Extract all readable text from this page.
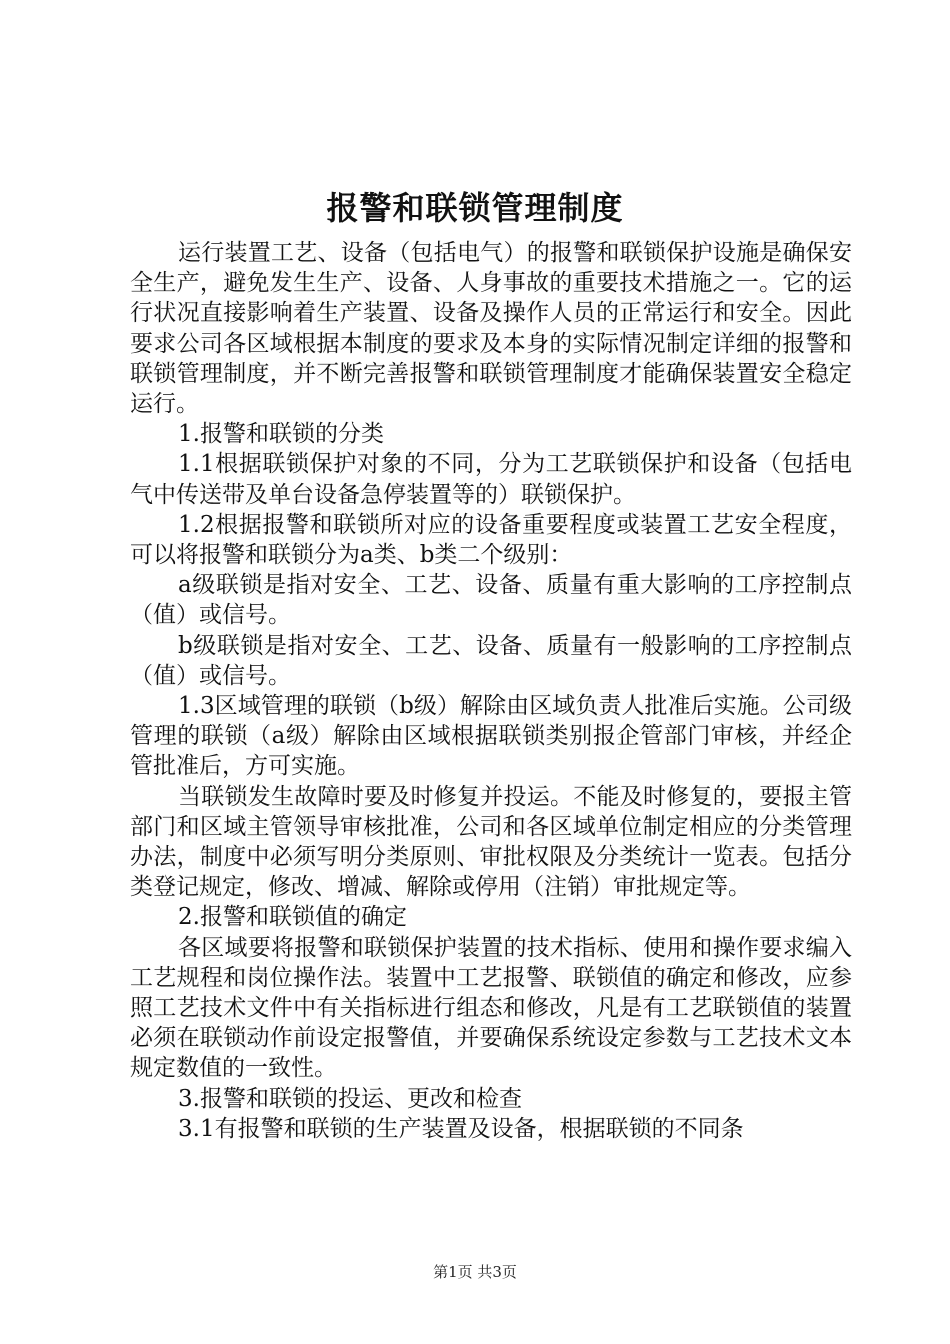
报警和联锁管理制度

运行装置工艺、设备（包括电气）的报警和联锁保护设施是确保安全生产，避免发生生产、设备、人身事故的重要技术措施之一。它的运行状况直接影响着生产装置、设备及操作人员的正常运行和安全。因此要求公司各区域根据本制度的要求及本身的实际情况制定详细的报警和联锁管理制度，并不断完善报警和联锁管理制度才能确保装置安全稳定运行。

1.报警和联锁的分类

1.1根据联锁保护对象的不同，分为工艺联锁保护和设备（包括电气中传送带及单台设备急停装置等的）联锁保护。

1.2根据报警和联锁所对应的设备重要程度或装置工艺安全程度，可以将报警和联锁分为a类、b类二个级别：

a级联锁是指对安全、工艺、设备、质量有重大影响的工序控制点（值）或信号。

b级联锁是指对安全、工艺、设备、质量有一般影响的工序控制点（值）或信号。

1.3区域管理的联锁（b级）解除由区域负责人批准后实施。公司级管理的联锁（a级）解除由区域根据联锁类别报企管部门审核，并经企管批准后，方可实施。

当联锁发生故障时要及时修复并投运。不能及时修复的，要报主管部门和区域主管领导审核批准，公司和各区域单位制定相应的分类管理办法，制度中必须写明分类原则、审批权限及分类统计一览表。包括分类登记规定，修改、增减、解除或停用（注销）审批规定等。

2.报警和联锁值的确定

各区域要将报警和联锁保护装置的技术指标、使用和操作要求编入工艺规程和岗位操作法。装置中工艺报警、联锁值的确定和修改，应参照工艺技术文件中有关指标进行组态和修改，凡是有工艺联锁值的装置必须在联锁动作前设定报警值，并要确保系统设定参数与工艺技术文本规定数值的一致性。

3.报警和联锁的投运、更改和检查

3.1有报警和联锁的生产装置及设备，根据联锁的不同条

第1页 共3页
